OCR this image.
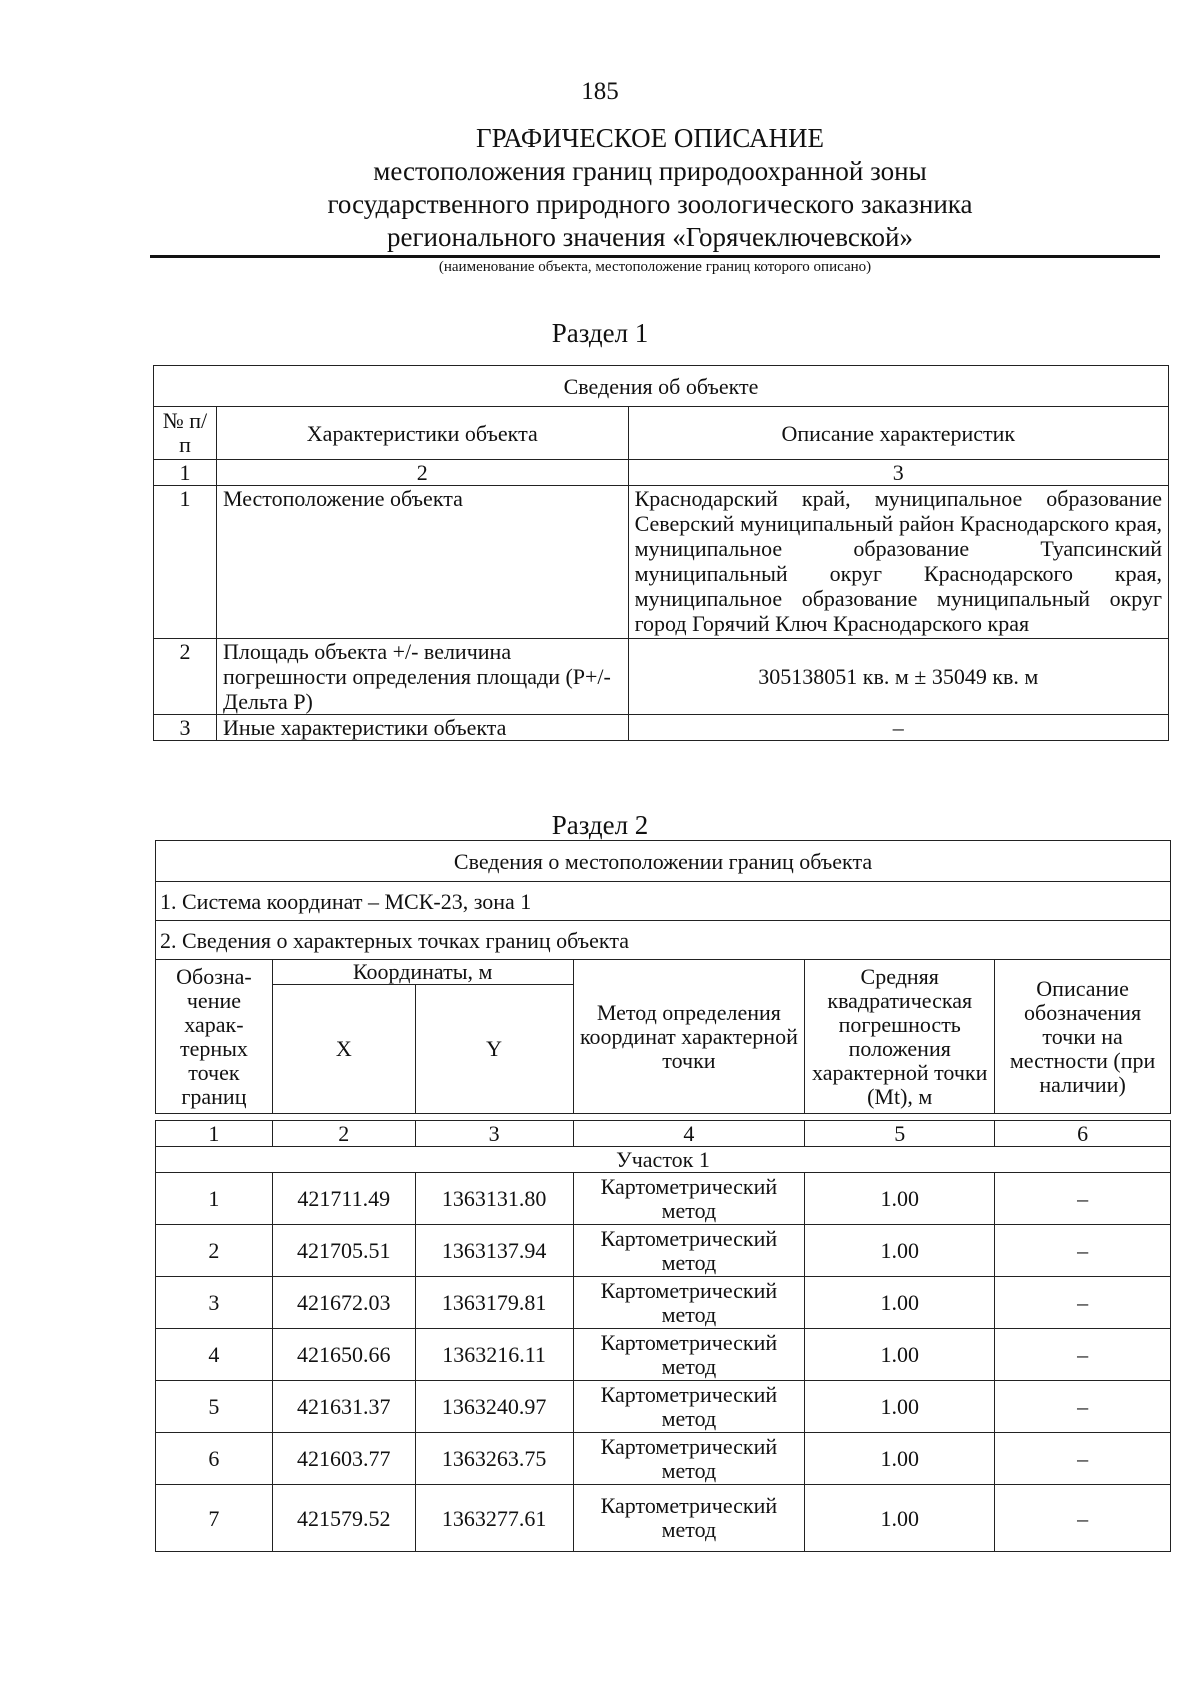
185
ГРАФИЧЕСКОЕ ОПИСАНИЕ
местоположения границ природоохранной зоны
государственного природного зоологического заказника
регионального значения «Горячеключевской»
(наименование объекта, местоположение границ которого описано)
Раздел 1
Сведения об объекте		
№ п/п	Характеристики объекта	Описание характеристик
1	2	3
1	Местоположение объекта	Краснодарский край, муниципальное образование Северский муниципальный район Краснодарского края, муниципальное образование Туапсинский муниципальный округ Краснодарского края, муниципальное образование муниципальный округ город Горячий Ключ Краснодарского края
2	Площадь объекта +/- величина погрешности определения площади (P+/- Дельта P)	305138051 кв. м ± 35049 кв. м
3	Иные характеристики объекта	–
Раздел 2
Сведения о местоположении границ объекта					
1. Система координат – МСК-23, зона 1					
2. Сведения о характерных точках границ объекта					
Обозна- чение харак- терных точек границ	Координаты, м		Метод определения координат характерной точки	Средняя квадратическая погрешность положения характерной точки (Mt), м	Описание обозначения точки на местности (при наличии)
	X	Y			

1	2	3	4	5	6
Участок 1					
1	421711.49	1363131.80	Картометрический метод	1.00	–
2	421705.51	1363137.94	Картометрический метод	1.00	–
3	421672.03	1363179.81	Картометрический метод	1.00	–
4	421650.66	1363216.11	Картометрический метод	1.00	–
5	421631.37	1363240.97	Картометрический метод	1.00	–
6	421603.77	1363263.75	Картометрический метод	1.00	–
7	421579.52	1363277.61	Картометрический метод	1.00	–
